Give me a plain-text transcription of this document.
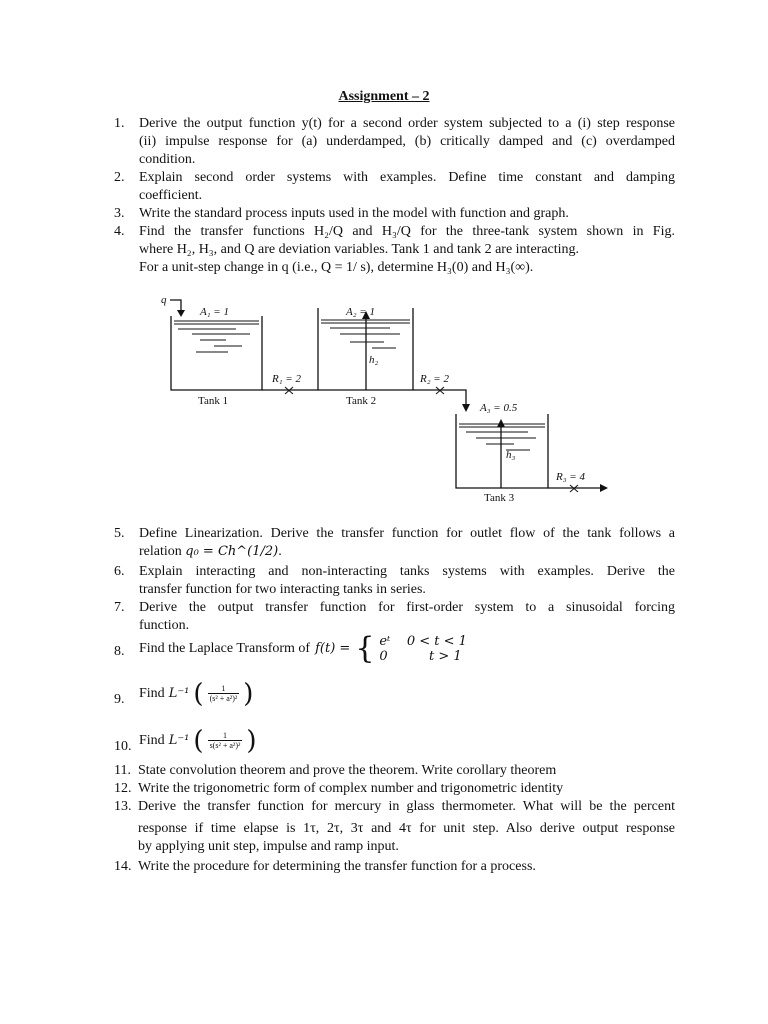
Assignment – 2
1. Derive the output function y(t) for a second order system subjected to a (i) step response
(ii) impulse response for (a) underdamped, (b) critically damped and (c) overdamped
condition.
2. Explain second order systems with examples. Define time constant and damping
coefficient.
3. Write the standard process inputs used in the model with function and graph.
4. Find the transfer functions H₂/Q and H₃/Q for the three-tank system shown in Fig.
where H₂, H₃, and Q are deviation variables. Tank 1 and tank 2 are interacting.
For a unit-step change in q (i.e., Q = 1/ s), determine H₃(0) and H₃(∞).
q
A₁ = 1	A₂ = 1
A₃ = 0.5
h₂
h₃
R₁ = 2	R₂ = 2
R₃ = 4
Tank 1	Tank 2
Tank 3
5. Define Linearization. Derive the transfer function for outlet flow of the tank follows a
relation q₀ = Ch^(1/2).
6. Explain interacting and non-interacting tanks systems with examples. Derive the
transfer function for two interacting tanks in series.
7. Derive the output transfer function for first-order system to a sinusoidal forcing
function.
8. Find the Laplace Transform of f(t) = { eᵗ    0 < t < 1
0          t > 1
9. Find L⁻¹ ( $\frac{1}{\text{(s² + a²)²}}$ )
10. Find L⁻¹ ( $\frac{1}{\text{s(s² + a²)²}}$ )
11. State convolution theorem and prove the theorem. Write corollary theorem
12. Write the trigonometric form of complex number and trigonometric identity
13. Derive the transfer function for mercury in glass thermometer. What will be the percent
response if time elapse is 1τ, 2τ, 3τ and 4τ for unit step. Also derive output response
by applying unit step, impulse and ramp input.
14. Write the procedure for determining the transfer function for a process.
